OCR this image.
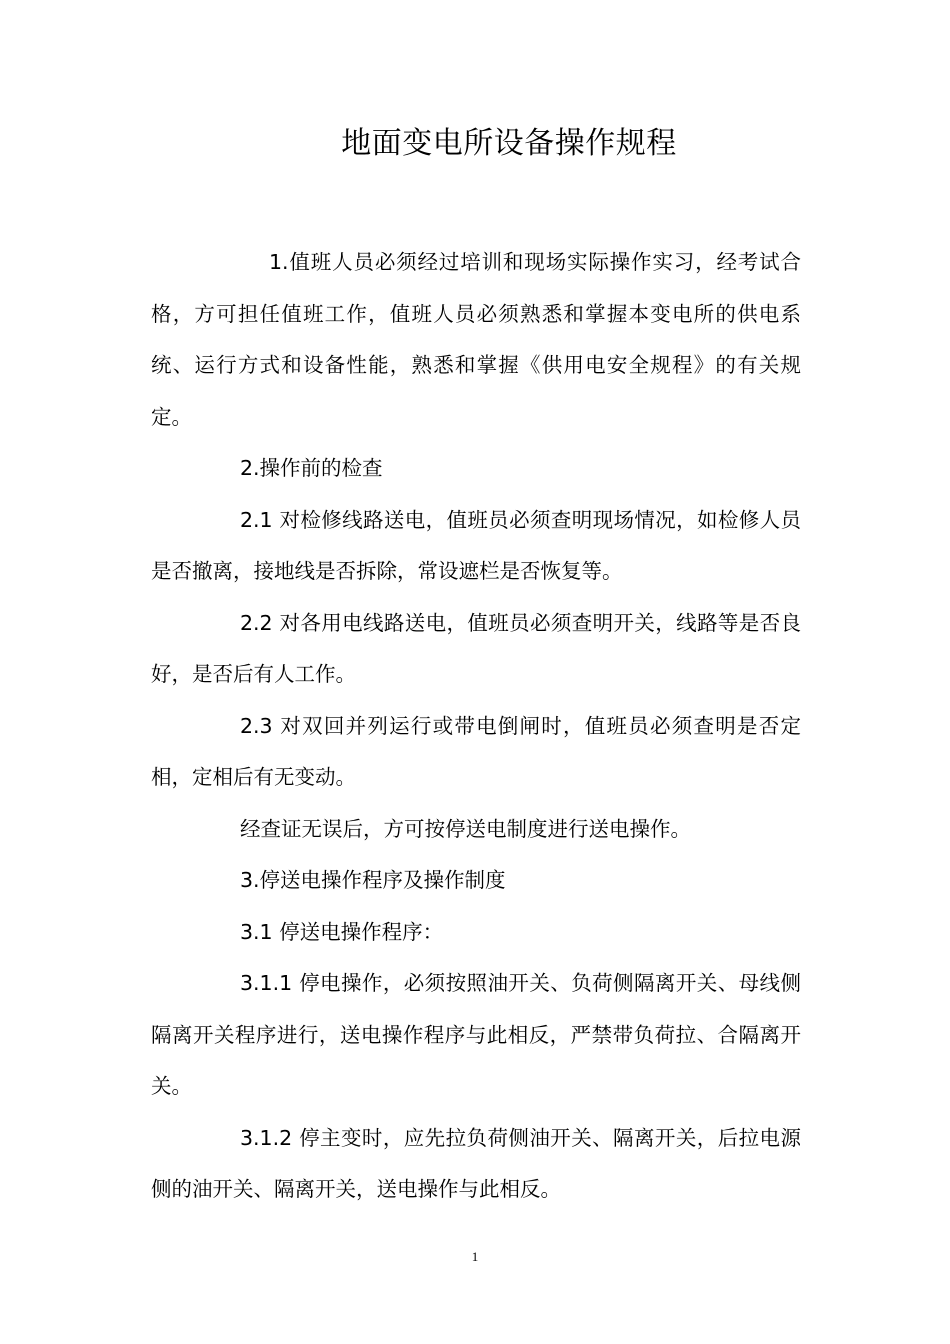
地面变电所设备操作规程

1.值班人员必须经过培训和现场实际操作实习，经考试合格，方可担任值班工作，值班人员必须熟悉和掌握本变电所的供电系统、运行方式和设备性能，熟悉和掌握《供用电安全规程》的有关规定。

2.操作前的检查

2.1 对检修线路送电，值班员必须查明现场情况，如检修人员是否撤离，接地线是否拆除，常设遮栏是否恢复等。

2.2 对各用电线路送电，值班员必须查明开关，线路等是否良好，是否后有人工作。

2.3 对双回并列运行或带电倒闸时，值班员必须查明是否定相，定相后有无变动。

经查证无误后，方可按停送电制度进行送电操作。

3.停送电操作程序及操作制度

3.1 停送电操作程序：

3.1.1 停电操作，必须按照油开关、负荷侧隔离开关、母线侧隔离开关程序进行，送电操作程序与此相反，严禁带负荷拉、合隔离开关。

3.1.2 停主变时，应先拉负荷侧油开关、隔离开关，后拉电源侧的油开关、隔离开关，送电操作与此相反。

1
